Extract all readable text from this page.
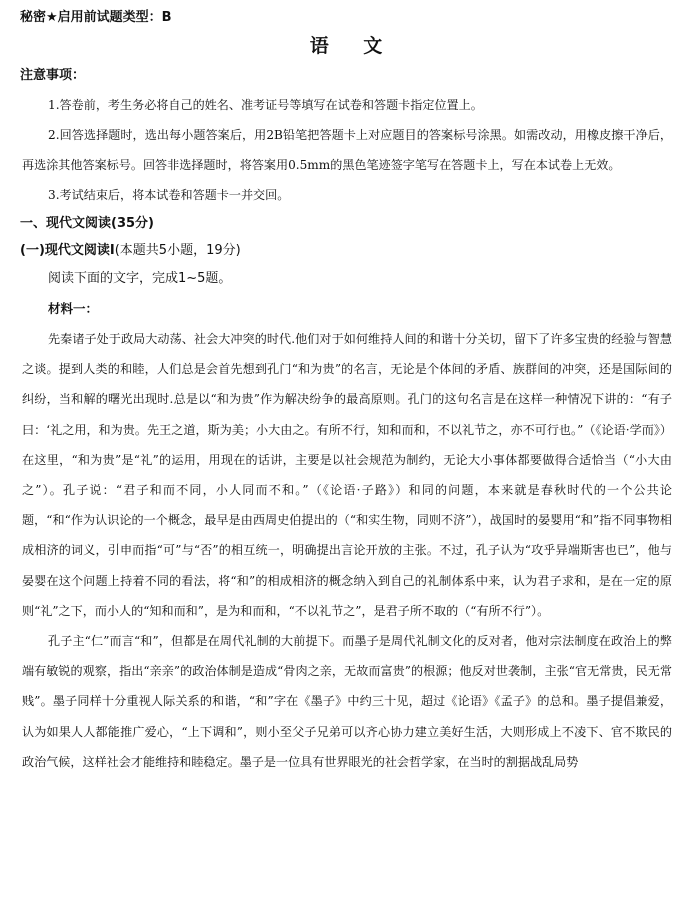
秘密★启用前试题类型：B
语 文
注意事项：
1.答卷前，考生务必将自己的姓名、准考证号等填写在试卷和答题卡指定位置上。
2.回答选择题时，选出每小题答案后，用2B铅笔把答题卡上对应题目的答案标号涂黑。如需改动，用橡皮擦干净后，再选涂其他答案标号。回答非选择题时，将答案用0.5mm的黑色笔迹签字笔写在答题卡上，写在本试卷上无效。
3.考试结束后，将本试卷和答题卡一并交回。
一、现代文阅读(35分)
(一)现代文阅读Ⅰ(本题共5小题，19分)
阅读下面的文字，完成1~5题。
材料一：
先秦诸子处于政局大动荡、社会大冲突的时代.他们对于如何维持人间的和谐十分关切，留下了许多宝贵的经验与智慧之谈。提到人类的和睦，人们总是会首先想到孔门“和为贵”的名言，无论是个体间的矛盾、族群间的冲突，还是国际间的纠纷，当和解的曙光出现时.总是以“和为贵”作为解决纷争的最高原则。孔门的这句名言是在这样一种情况下讲的：“有子曰：‘礼之用，和为贵。先王之道，斯为美；小大由之。有所不行，知和而和，不以礼节之，亦不可行也。”（《论语·学而》）在这里，“和为贵”是“礼”的运用，用现在的话讲，主要是以社会规范为制约，无论大小事体都要做得合适恰当（“小大由之”）。孔子说：“君子和而不同，小人同而不和。”（《论语·子路》）和同的问题，本来就是春秋时代的一个公共论题，“和“作为认识论的一个概念，最早是由西周史伯提出的（“和实生物，同则不济”），战国时的晏婴用“和”指不同事物相成相济的词义，引申而指“可”与“否”的相互统一，明确提出言论开放的主张。不过，孔子认为“攻乎异端斯害也已”，他与晏婴在这个问题上持着不同的看法，将“和”的相成相济的概念纳入到自己的礼制体系中来，认为君子求和，是在一定的原则“礼”之下，而小人的“知和而和”，是为和而和，“不以礼节之”，是君子所不取的（“有所不行”）。
孔子主“仁”而言“和”，但都是在周代礼制的大前提下。而墨子是周代礼制文化的反对者，他对宗法制度在政治上的弊端有敏锐的观察，指出“亲亲”的政治体制是造成“骨肉之亲，无故而富贵”的根源；他反对世袭制，主张“官无常贵，民无常贱”。墨子同样十分重视人际关系的和谐，“和”字在《墨子》中约三十见，超过《论语》《孟子》的总和。墨子提倡兼爱，认为如果人人都能推广爱心，“上下调和”，则小至父子兄弟可以齐心协力建立美好生活，大则形成上不凌下、官不欺民的政治气候，这样社会才能维持和睦稳定。墨子是一位具有世界眼光的社会哲学家，在当时的割据战乱局势
